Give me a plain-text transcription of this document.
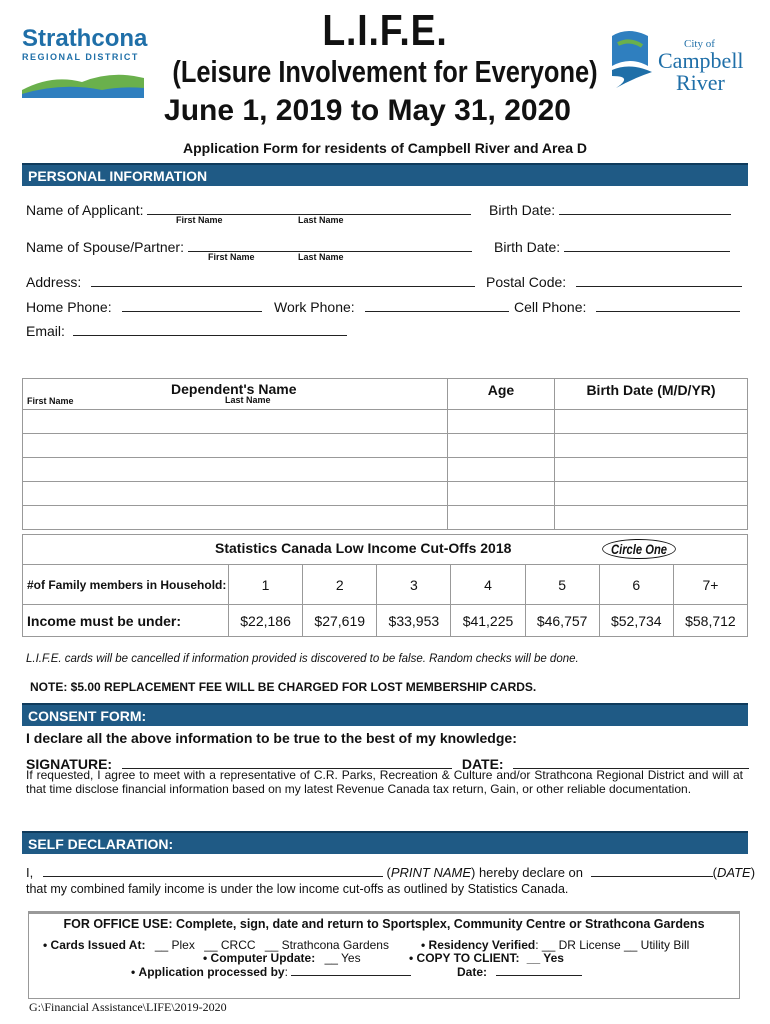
Strathcona
REGIONAL DISTRICT
L.I.F.E.
(Leisure Involvement for Everyone)
June 1, 2019 to May 31, 2020
City of
Campbell
River
Application Form for residents of Campbell River and Area D
PERSONAL INFORMATION
Name of Applicant:
First Name	Last Name
Birth Date:
Name of Spouse/Partner:
First Name	Last Name
Birth Date:
Address:	Postal Code:
Home Phone:	Work Phone:	Cell Phone:
Email:
Dependent's Name
First Name Last Name	Age	Birth Date (M/D/YR)

Statistics Canada Low Income Cut-Offs 2018 Circle One							

#of Family members in Household:	1	2	3	4	5	6	7+
Income must be under:	$22,186	$27,619	$33,953	$41,225	$46,757	$52,734	$58,712
L.I.F.E. cards will be cancelled if information provided is discovered to be false. Random checks will be done.
NOTE: $5.00 REPLACEMENT FEE WILL BE CHARGED FOR LOST MEMBERSHIP CARDS.
CONSENT FORM:
I declare all the above information to be true to the best of my knowledge:
SIGNATURE:	DATE:
If requested, I agree to meet with a representative of C.R. Parks, Recreation & Culture and/or Strathcona Regional District and will at that time disclose financial information based on my latest Revenue Canada tax return, Gain, or other reliable documentation.
SELF DECLARATION:
I,	(PRINT NAME) hereby declare on	(DATE)
that my combined family income is under the low income cut-offs as outlined by Statistics Canada.
FOR OFFICE USE: Complete, sign, date and return to Sportsplex, Community Centre or Strathcona Gardens
• Cards Issued At: __ Plex __ CRCC __ Strathcona Gardens	• Residency Verified: __ DR License __ Utility Bill
• Computer Update: __ Yes	• COPY TO CLIENT: __ Yes
• Application processed by:	Date:
G:\Financial Assistance\LIFE\2019-2020
